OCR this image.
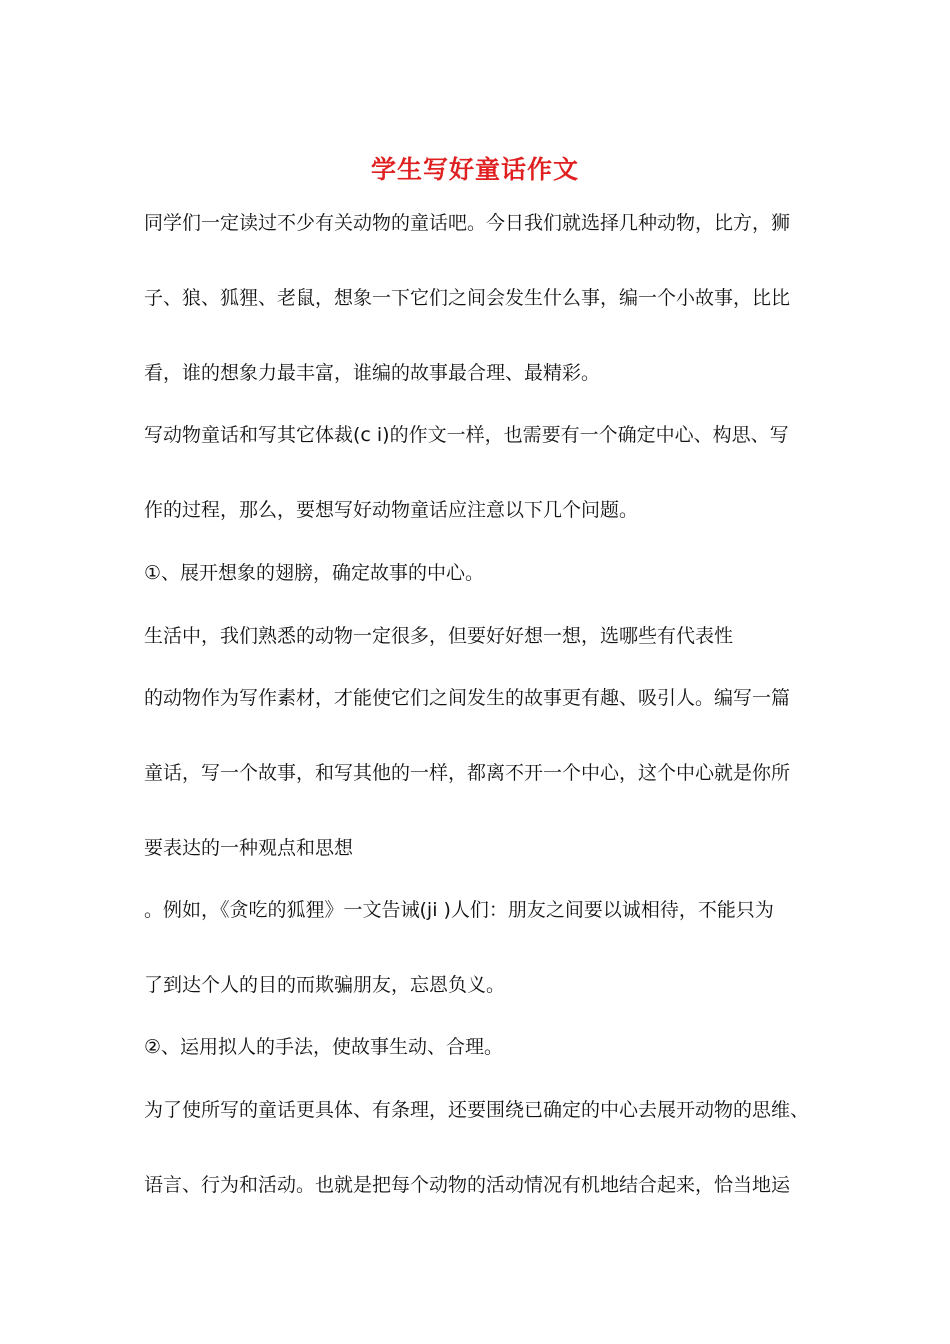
学生写好童话作文
同学们一定读过不少有关动物的童话吧。今日我们就选择几种动物，比方，狮
子、狼、狐狸、老鼠，想象一下它们之间会发生什么事，编一个小故事，比比
看，谁的想象力最丰富，谁编的故事最合理、最精彩。
写动物童话和写其它体裁(c i)的作文一样，也需要有一个确定中心、构思、写
作的过程，那么，要想写好动物童话应注意以下几个问题。
①、展开想象的翅膀，确定故事的中心。
生活中，我们熟悉的动物一定很多，但要好好想一想，选哪些有代表性
的动物作为写作素材，才能使它们之间发生的故事更有趣、吸引人。编写一篇
童话，写一个故事，和写其他的一样，都离不开一个中心，这个中心就是你所
要表达的一种观点和思想
。例如，《贪吃的狐狸》一文告诫(ji )人们：朋友之间要以诚相待，不能只为
了到达个人的目的而欺骗朋友，忘恩负义。
②、运用拟人的手法，使故事生动、合理。
为了使所写的童话更具体、有条理，还要围绕已确定的中心去展开动物的思维、
语言、行为和活动。也就是把每个动物的活动情况有机地结合起来，恰当地运
